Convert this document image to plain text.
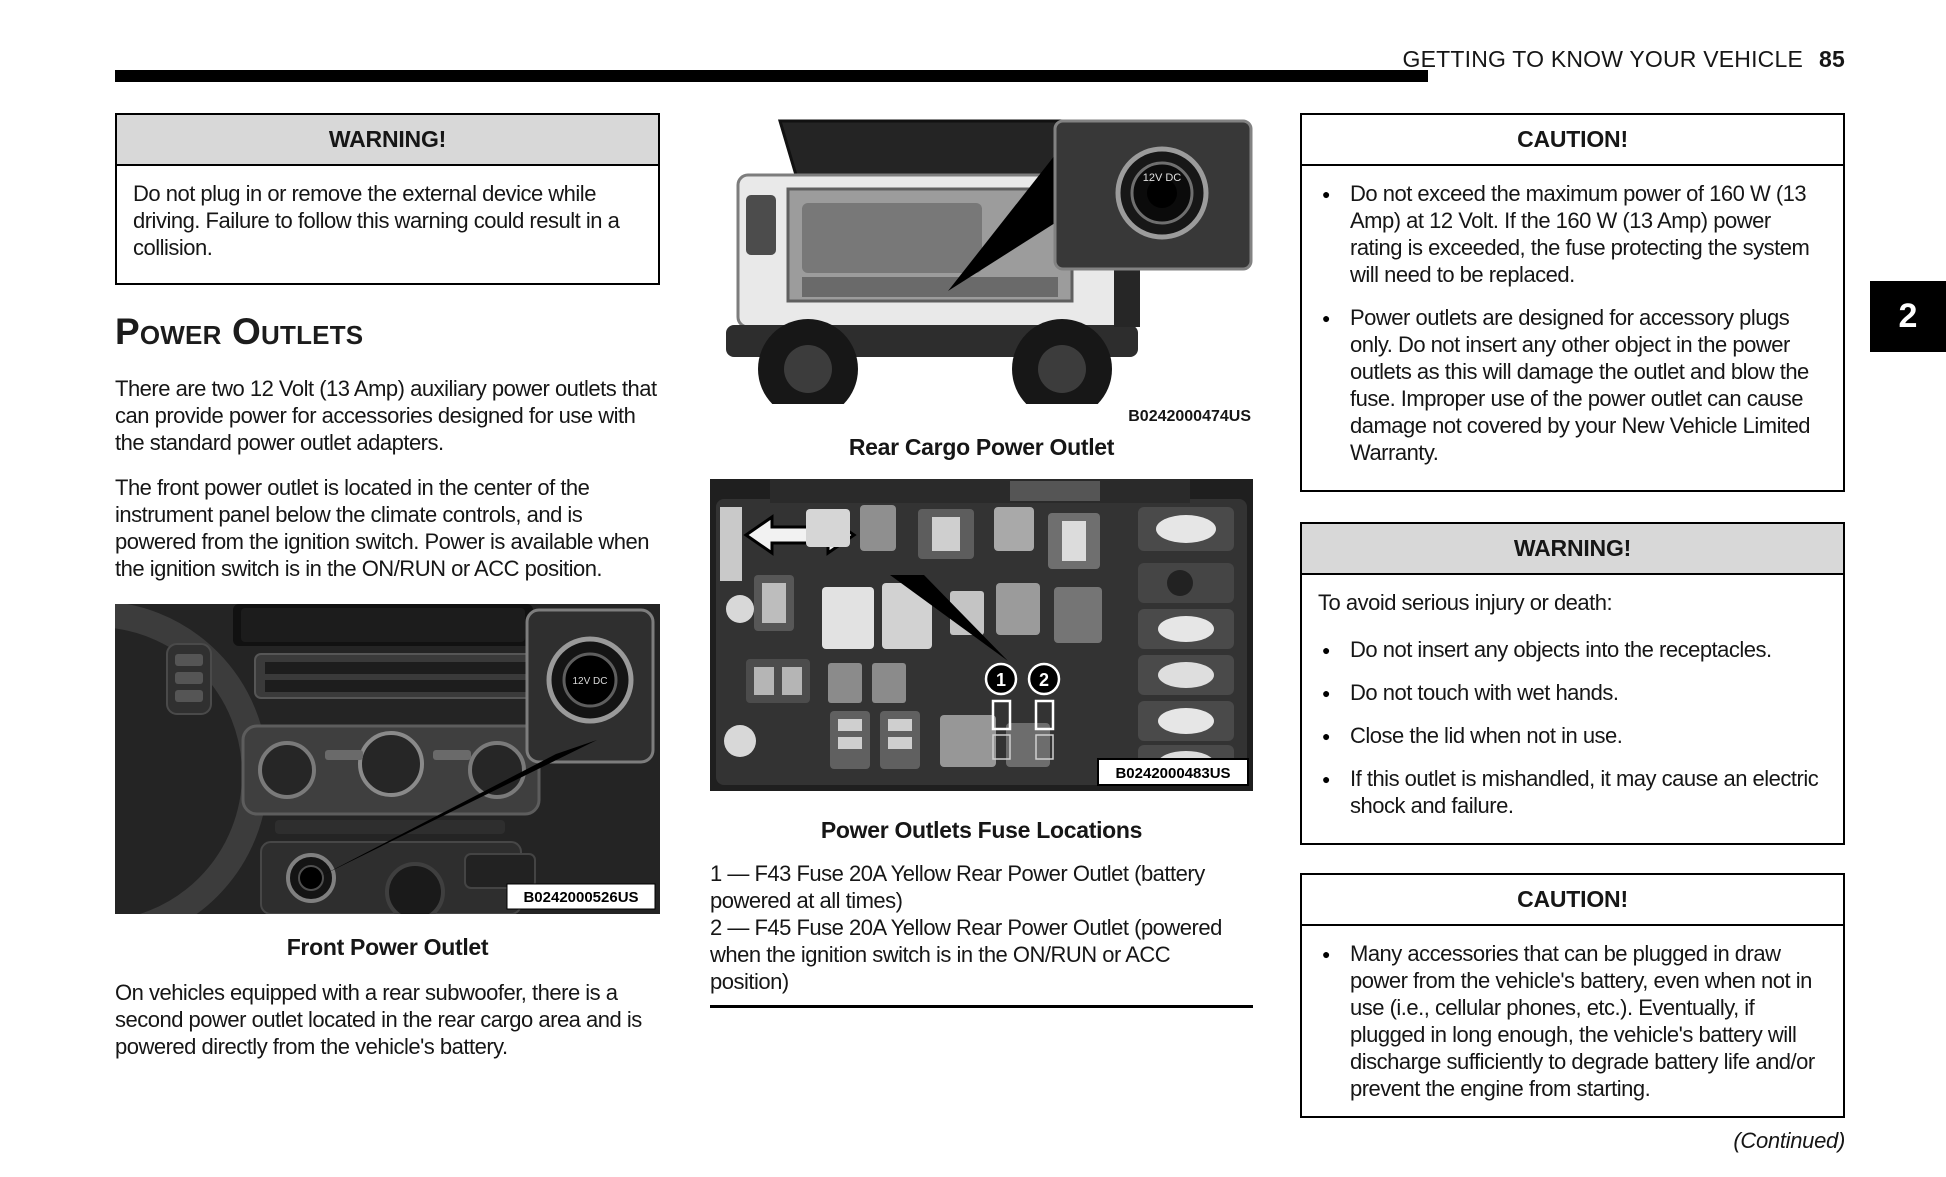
GETTING TO KNOW YOUR VEHICLE 85
2
WARNING!

Do not plug in or remove the external device while driving. Failure to follow this warning could result in a collision.

Power Outlets

There are two 12 Volt (13 Amp) auxiliary power outlets that can provide power for accessories designed for use with the standard power outlet adapters.

The front power outlet is located in the center of the instrument panel below the climate controls, and is powered from the ignition switch. Power is available when the ignition switch is in the ON/RUN or ACC position.

12V DC
B0242000526US
Front Power Outlet

On vehicles equipped with a rear subwoofer, there is a second power outlet located in the rear cargo area and is powered directly from the vehicle's battery.

12V DC
B0242000474US
Rear Cargo Power Outlet
1 2
B0242000483US
Power Outlets Fuse Locations

1 — F43 Fuse 20A Yellow Rear Power Outlet (battery powered at all times)

2 — F45 Fuse 20A Yellow Rear Power Outlet (powered when the ignition switch is in the ON/RUN or ACC position)

CAUTION!
● Do not exceed the maximum power of 160 W (13 Amp) at 12 Volt. If the 160 W (13 Amp) power rating is exceeded, the fuse protecting the system will need to be replaced.
● Power outlets are designed for accessory plugs only. Do not insert any other object in the power outlets as this will damage the outlet and blow the fuse. Improper use of the power outlet can cause damage not covered by your New Vehicle Limited Warranty.
WARNING!

To avoid serious injury or death:

● Do not insert any objects into the receptacles.
● Do not touch with wet hands.
● Close the lid when not in use.
● If this outlet is mishandled, it may cause an electric shock and failure.
CAUTION!
● Many accessories that can be plugged in draw power from the vehicle's battery, even when not in use (i.e., cellular phones, etc.). Eventually, if plugged in long enough, the vehicle's battery will discharge sufficiently to degrade battery life and/or prevent the engine from starting.
(Continued)
